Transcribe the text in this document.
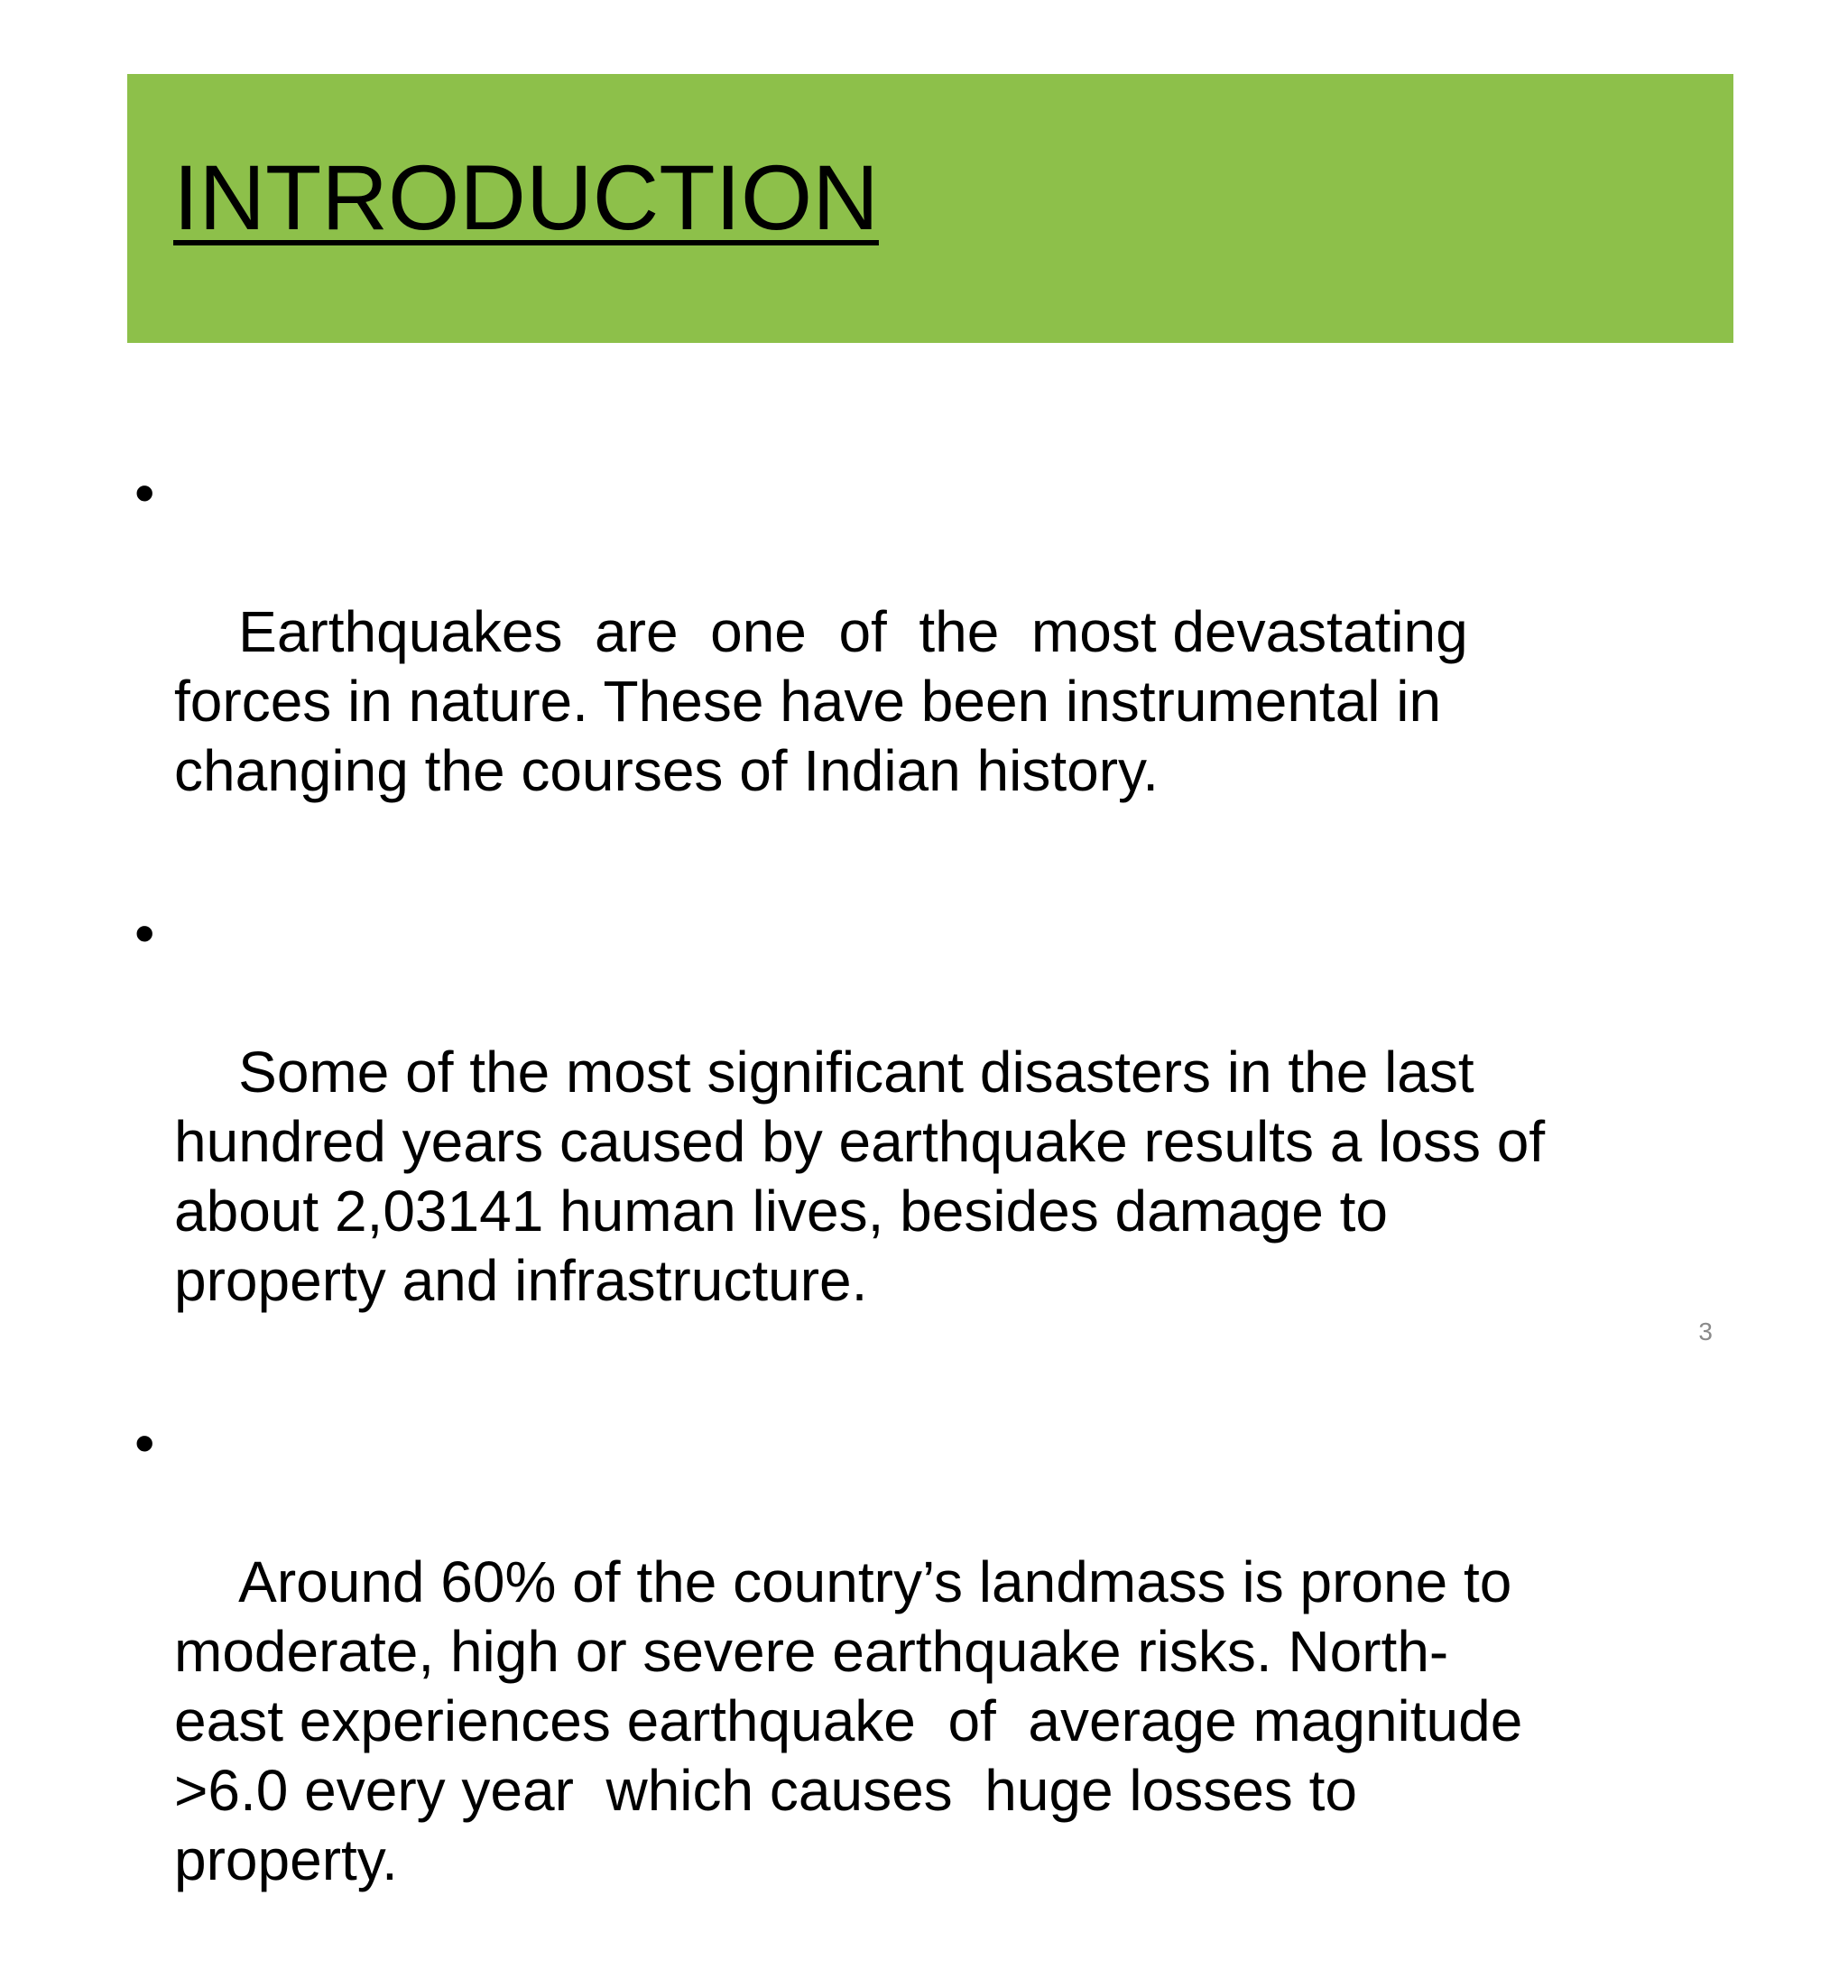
INTRODUCTION

•

Earthquakes  are  one  of  the  most devastating
forces in nature. These have been instrumental in
changing the courses of Indian history.

•

Some of the most significant disasters in the last
hundred years caused by earthquake results a loss of
about 2,03141 human lives, besides damage to
property and infrastructure.

•

Around 60% of the country’s landmass is prone to
moderate, high or severe earthquake risks. North-
east experiences earthquake  of  average magnitude
>6.0 every year  which causes  huge losses to
property.

3
